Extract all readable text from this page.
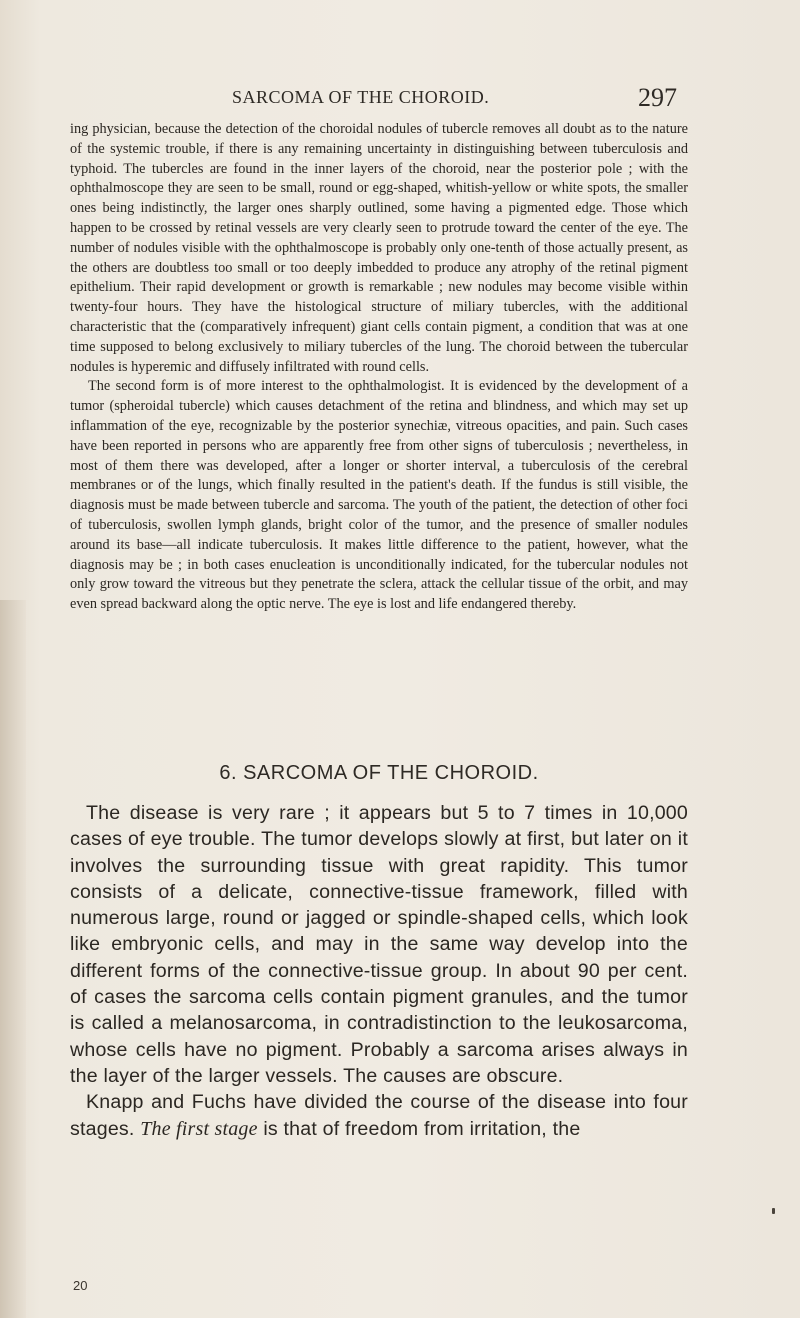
SARCOMA OF THE CHOROID.	297

ing physician, because the detection of the choroidal nodules of tubercle removes all doubt as to the nature of the systemic trouble, if there is any remaining uncertainty in distinguishing between tuberculosis and typhoid. The tubercles are found in the inner layers of the choroid, near the posterior pole ; with the ophthalmoscope they are seen to be small, round or egg-shaped, whitish-yellow or white spots, the smaller ones being indistinctly, the larger ones sharply outlined, some having a pigmented edge. Those which happen to be crossed by retinal vessels are very clearly seen to protrude toward the center of the eye. The number of nodules visible with the ophthalmoscope is probably only one-tenth of those actually present, as the others are doubtless too small or too deeply imbedded to produce any atrophy of the retinal pigment epithelium. Their rapid development or growth is remarkable ; new nodules may become visible within twenty-four hours. They have the histological structure of miliary tubercles, with the additional characteristic that the (comparatively infrequent) giant cells contain pigment, a condition that was at one time supposed to belong exclusively to miliary tubercles of the lung. The choroid between the tubercular nodules is hyperemic and diffusely infiltrated with round cells.

The second form is of more interest to the ophthalmologist. It is evidenced by the development of a tumor (spheroidal tubercle) which causes detachment of the retina and blindness, and which may set up inflammation of the eye, recognizable by the posterior synechiæ, vitreous opacities, and pain. Such cases have been reported in persons who are apparently free from other signs of tuberculosis ; nevertheless, in most of them there was developed, after a longer or shorter interval, a tuberculosis of the cerebral membranes or of the lungs, which finally resulted in the patient's death. If the fundus is still visible, the diagnosis must be made between tubercle and sarcoma. The youth of the patient, the detection of other foci of tuberculosis, swollen lymph glands, bright color of the tumor, and the presence of smaller nodules around its base—all indicate tuberculosis. It makes little difference to the patient, however, what the diagnosis may be ; in both cases enucleation is unconditionally indicated, for the tubercular nodules not only grow toward the vitreous but they penetrate the sclera, attack the cellular tissue of the orbit, and may even spread backward along the optic nerve. The eye is lost and life endangered thereby.

6. SARCOMA OF THE CHOROID.

The disease is very rare ; it appears but 5 to 7 times in 10,000 cases of eye trouble. The tumor develops slowly at first, but later on it involves the surrounding tissue with great rapidity. This tumor consists of a delicate, connective-tissue framework, filled with numerous large, round or jagged or spindle-shaped cells, which look like embryonic cells, and may in the same way develop into the different forms of the connective-tissue group. In about 90 per cent. of cases the sarcoma cells contain pigment granules, and the tumor is called a melanosarcoma, in contradistinction to the leukosarcoma, whose cells have no pigment. Probably a sarcoma arises always in the layer of the larger vessels. The causes are obscure.

Knapp and Fuchs have divided the course of the disease into four stages. The first stage is that of freedom from irritation, the

20
